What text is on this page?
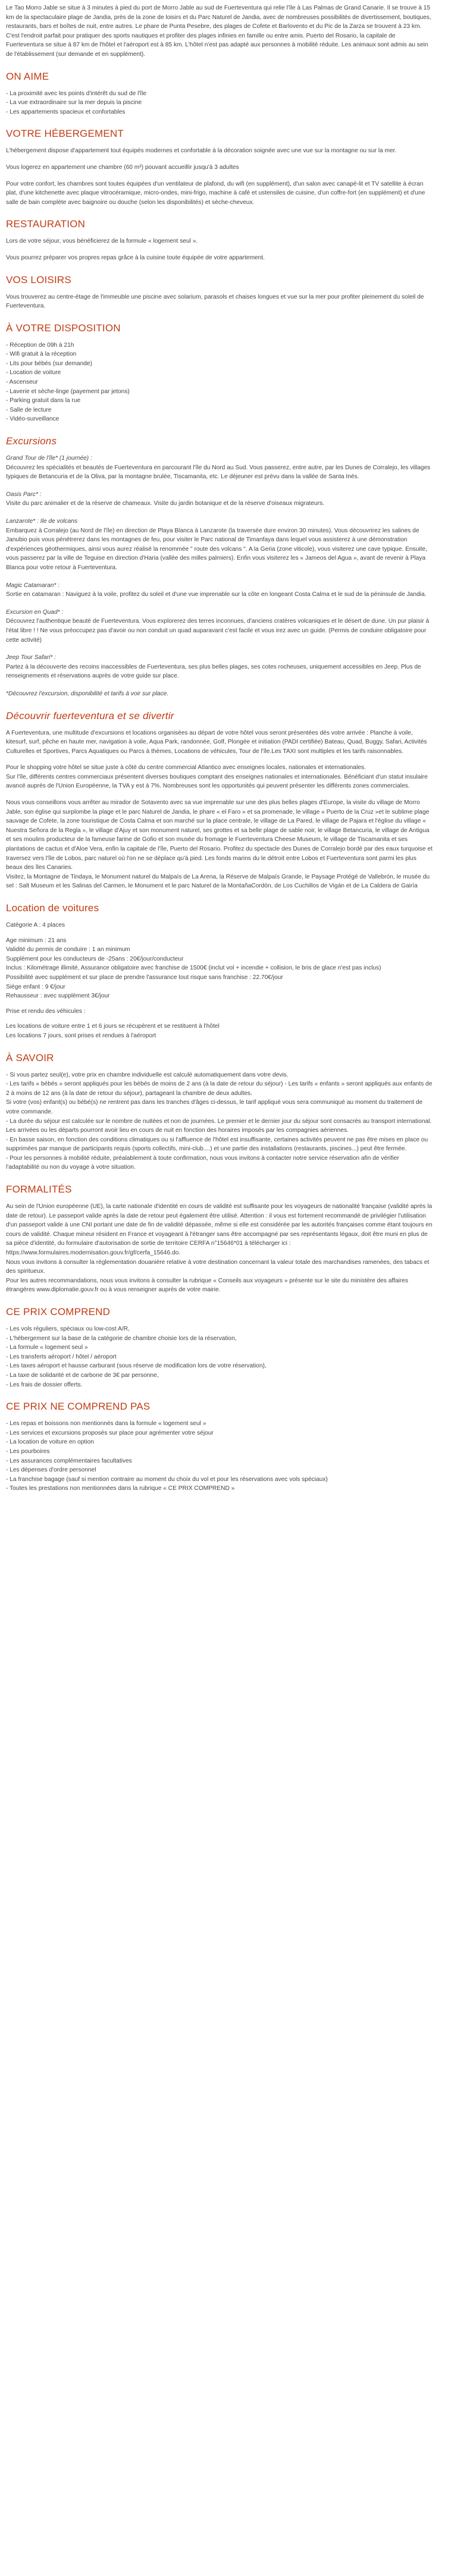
Le Tao Morro Jable se situe à 3 minutes à pied du port de Morro Jable au sud de Fuerteventura qui relie l'île à Las Palmas de Grand Canarie. Il se trouve à 15 km de la spectaculaire plage de Jandia, près de la zone de loisirs et du Parc Naturel de Jandia, avec de nombreuses possibilités de divertissement, boutiques, restaurants, bars et boîtes de nuit, entre autres. Le phare de Punta Pesebre, des plages de Cofete et Barlovento et du Pic de la Zarza se trouvent à 23 km. C'est l'endroit parfait pour pratiquer des sports nautiques et profiter des plages infinies en famille ou entre amis. Puerto del Rosario, la capitale de Fuerteventura se situe à 87 km de l'hôtel et l'aéroport est à 85 km. L'hôtel n'est pas adapté aux personnes à mobilité réduite. Les animaux sont admis au sein de l'établissement (sur demande et en supplément).

ON AIME
- La proximité avec les points d'intérêt du sud de l'île
- La vue extraordinaire sur la mer depuis la piscine
- Les appartements spacieux et confortables
VOTRE HÉBERGEMENT

L'hébergement dispose d'appartement tout équipés modernes et confortable à la décoration soignée avec une vue sur la montagne ou sur la mer.

Vous logerez en appartement une chambre (60 m²) pouvant accueillir jusqu'à 3 adultes

Pour votre confort, les chambres sont toutes équipées d'un ventilateur de plafond, du wifi (en supplément), d'un salon avec canapé-lit et TV satellite à écran plat, d'une kitchenette avec plaque vitrocéramique, micro-ondes, mini-frigo, machine à café et ustensiles de cuisine, d'un coffre-fort (en supplément) et d'une salle de bain complète avec baignoire ou douche (selon les disponibilités) et sèche-cheveux.

RESTAURATION

Lors de votre séjour, vous bénéficierez de la formule « logement seul ».

Vous pourrez préparer vos propres repas grâce à la cuisine toute équipée de votre appartement.

VOS LOISIRS

Vous trouverez au centre-étage de l'immeuble une piscine avec solarium, parasols et chaises longues et vue sur la mer pour profiter pleinement du soleil de Fuerteventura.

À VOTRE DISPOSITION
- Réception de 09h à 21h
- Wifi gratuit à la réception
- Lits pour bébés (sur demande)
- Location de voiture
- Ascenseur
- Laverie et sèche-linge (payement par jetons)
- Parking gratuit dans la rue
- Salle de lecture
- Vidéo-surveillance
Excursions
Grand Tour de l'île* (1 journée) :
Découvrez les spécialités et beautés de Fuerteventura en parcourant l'île du Nord au Sud. Vous passerez, entre autre, par les Dunes de Corralejo, les villages typiques de Betancuria et de la Oliva, par la montagne brulée, Tiscamanita, etc. Le déjeuner est prévu dans la vallée de Santa Inés.
Oasis Parc* :
Visite du parc animalier et de la réserve de chameaux. Visite du jardin botanique et de la réserve d'oiseaux migrateurs.
Lanzarote* : Ile de volcans
Embarquez à Corralejo (au Nord de l'île) en direction de Playa Blanca à Lanzarote (la traversée dure environ 30 minutes). Vous découvrirez les salines de Janubio puis vous pénétrerez dans les montagnes de feu, pour visiter le Parc national de Timanfaya dans lequel vous assisterez à une démonstration d'expériences géothermiques, ainsi vous aurez réalisé la renommée " route des volcans ". A la Geria (zone viticole), vous visiterez une cave typique. Ensuite, vous passerez par la ville de Teguise en direction d'Haria (vallée des milles palmiers). Enfin vous visiterez les « Jameos del Agua », avant de revenir à Playa Blanca pour votre retour à Fuerteventura.
Magic Catamaran* :
Sortie en catamaran : Naviguez à la voile, profitez du soleil et d'une vue imprenable sur la côte en longeant Costa Calma et le sud de la péninsule de Jandia.
Excursion en Quad* :
Découvrez l'authentique beauté de Fuerteventura. Vous explorerez des terres inconnues, d'anciens cratères volcaniques et le désert de dune. Un pur plaisir à l'état libre ! ! Ne vous préoccupez pas d'avoir ou non conduit un quad auparavant c'est facile et vous irez avec un guide. (Permis de conduire obligatoire pour cette activité)
Jeep Tour Safari* :
Partez à la découverte des recoins inaccessibles de Fuerteventura, ses plus belles plages, ses cotes rocheuses, uniquement accessibles en Jeep. Plus de renseignements et réservations auprès de votre guide sur place.

*Découvrez l'excursion, disponibilité et tarifs à voir sur place.

Découvrir fuerteventura et se divertir

A Fuerteventura, une multitude d'excursions et locations organisées au départ de votre hôtel vous seront présentées dès votre arrivée : Planche à voile, kitesurf, surf, pêche en haute mer, navigation à voile, Aqua Park, randonnée, Golf, Plongée et initiation (PADI certifiée) Bateau, Quad, Buggy, Safari, Activités Culturelles et Sportives, Parcs Aquatiques ou Parcs à thèmes, Locations de véhicules, Tour de l'île.Les TAXI sont multiples et les tarifs raisonnables.

Pour le shopping votre hôtel se situe juste à côté du centre commercial Atlantico avec enseignes locales, nationales et internationales.
Sur l'île, différents centres commerciaux présentent diverses boutiques comptant des enseignes nationales et internationales. Bénéficiant d'un statut insulaire avancé auprès de l'Union Européenne, la TVA y est à 7%. Nombreuses sont les opportunités qui peuvent présenter les différents zones commerciales.

Nous vous conseillons vous arrêter au mirador de Sotavento avec sa vue imprenable sur une des plus belles plages d'Europe, la visite du village de Morro Jable, son église qui surplombe la plage et le parc Naturel de Jandia, le phare « el Faro » et sa promenade, le village « Puerto de la Cruz »et le sublime plage sauvage de Cofete, la zone touristique de Costa Calma et son marché sur la place centrale, le village de La Pared, le village de Pajara et l'église du village « Nuestra Señora de la Regla », le village d'Ajuy et son monument naturel, ses grottes et sa belle plage de sable noir, le village Betancuria, le village de Antigua et ses moulins producteur de la fameuse farine de Gofio et son musée du fromage le Fuerteventura Cheese Museum, le village de Tiscamanita et ses plantations de cactus et d'Aloe Vera, enfin la capitale de l'île, Puerto del Rosario. Profitez du spectacle des Dunes de Corralejo bordé par des eaux turquoise et traversez vers l'île de Lobos, parc naturel où l'on ne se déplace qu'à pied. Les fonds marins du le détroit entre Lobos et Fuerteventura sont parmi les plus beaux des îles Canaries.
Visitez, la Montagne de Tindaya, le Monument naturel du Malpaís de La Arena, la Réserve de Malpaís Grande, le Paysage Protégé de Vallebrón, le musée du sel : Salt Museum et les Salinas del Carmen, le Monument et le parc Naturel de la MontañaCordón, de Los Cuchillos de Vigán et de La Caldera de Gairía

Location de voitures
Catégorie A : 4 places
Age minimum : 21 ans
Validité du permis de conduire : 1 an minimum
Supplément pour les conducteurs de -25ans : 20€/jour/conducteur
Inclus : Kilométrage illimité, Assurance obligatoire avec franchise de 1500€ (inclut vol + incendie + collision, le bris de glace n'est pas inclus)
Possibilité avec supplément et sur place de prendre l'assurance tout risque sans franchise : 22.70€/jour
Siège enfant : 9 €/jour
Rehausseur : avec supplément 3€/jour
Prise et rendu des véhicules :
Les locations de voiture entre 1 et 6 jours se récupèrent et se restituent à l'hôtel
Les locations 7 jours, sont prises et rendues à l'aéroport
À SAVOIR
- Si vous partez seul(e), votre prix en chambre individuelle est calculé automatiquement dans votre devis.
- Les tarifs « bébés » seront appliqués pour les bébés de moins de 2 ans (à la date de retour du séjour) - Les tarifs « enfants » seront appliqués aux enfants de 2 à moins de 12 ans (à la date de retour du séjour), partageant la chambre de deux adultes.
Si votre (vos) enfant(s) ou bébé(s) ne rentrent pas dans les tranches d'âges ci-dessus, le tarif appliqué vous sera communiqué au moment du traitement de votre commande.
- La durée du séjour est calculée sur le nombre de nuitées et non de journées. Le premier et le dernier jour du séjour sont consacrés au transport international. Les arrivées ou les départs pourront avoir lieu en cours de nuit en fonction des horaires imposés par les compagnies aériennes.
- En basse saison, en fonction des conditions climatiques ou si l'affluence de l'hôtel est insuffisante, certaines activités peuvent ne pas être mises en place ou supprimées par manque de participants requis (sports collectifs, mini-club....) et une partie des installations (restaurants, piscines...) peut être fermée.
- Pour les personnes à mobilité réduite, préalablement à toute confirmation, nous vous invitons à contacter notre service réservation afin de vérifier l'adaptabilité ou non du voyage à votre situation.
FORMALITÉS

Au sein de l'Union européenne (UE), la carte nationale d'identité en cours de validité est suffisante pour les voyageurs de nationalité française (validité après la date de retour). Le passeport valide après la date de retour peut également être utilisé. Attention : il vous est fortement recommandé de privilégier l'utilisation d'un passeport valide à une CNI portant une date de fin de validité dépassée, même si elle est considérée par les autorités françaises comme étant toujours en cours de validité. Chaque mineur résident en France et voyageant à l'étranger sans être accompagné par ses représentants légaux, doit être muni en plus de sa pièce d'identité, du formulaire d'autorisation de sortie de territoire CERFA n°15646*01 à télécharger ici : https://www.formulaires.modernisation.gouv.fr/gf/cerfa_15646.do.
Nous vous invitons à consulter la réglementation douanière relative à votre destination concernant la valeur totale des marchandises ramenées, des tabacs et des spiritueux.
Pour les autres recommandations, nous vous invitons à consulter la rubrique « Conseils aux voyageurs » présente sur le site du ministère des affaires étrangères www.diplomatie.gouv.fr ou à vous renseigner auprès de votre mairie.

CE PRIX COMPREND
- Les vols réguliers, spéciaux ou low-cost A/R,
- L'hébergement sur la base de la catégorie de chambre choisie lors de la réservation,
- La formule « logement seul »
- Les transferts aéroport / hôtel / aéroport
- Les taxes aéroport et hausse carburant (sous réserve de modification lors de votre réservation),
- La taxe de solidarité et de carbone de 3€ par personne,
- Les frais de dossier offerts.
CE PRIX NE COMPREND PAS
- Les repas et boissons non mentionnés dans la formule « logement seul »
- Les services et excursions proposés sur place pour agrémenter votre séjour
- La location de voiture en option
- Les pourboires
- Les assurances complémentaires facultatives
- Les dépenses d'ordre personnel
- La franchise bagage (sauf si mention contraire au moment du choix du vol et pour les réservations avec vols spéciaux)
- Toutes les prestations non mentionnées dans la rubrique « CE PRIX COMPREND »
